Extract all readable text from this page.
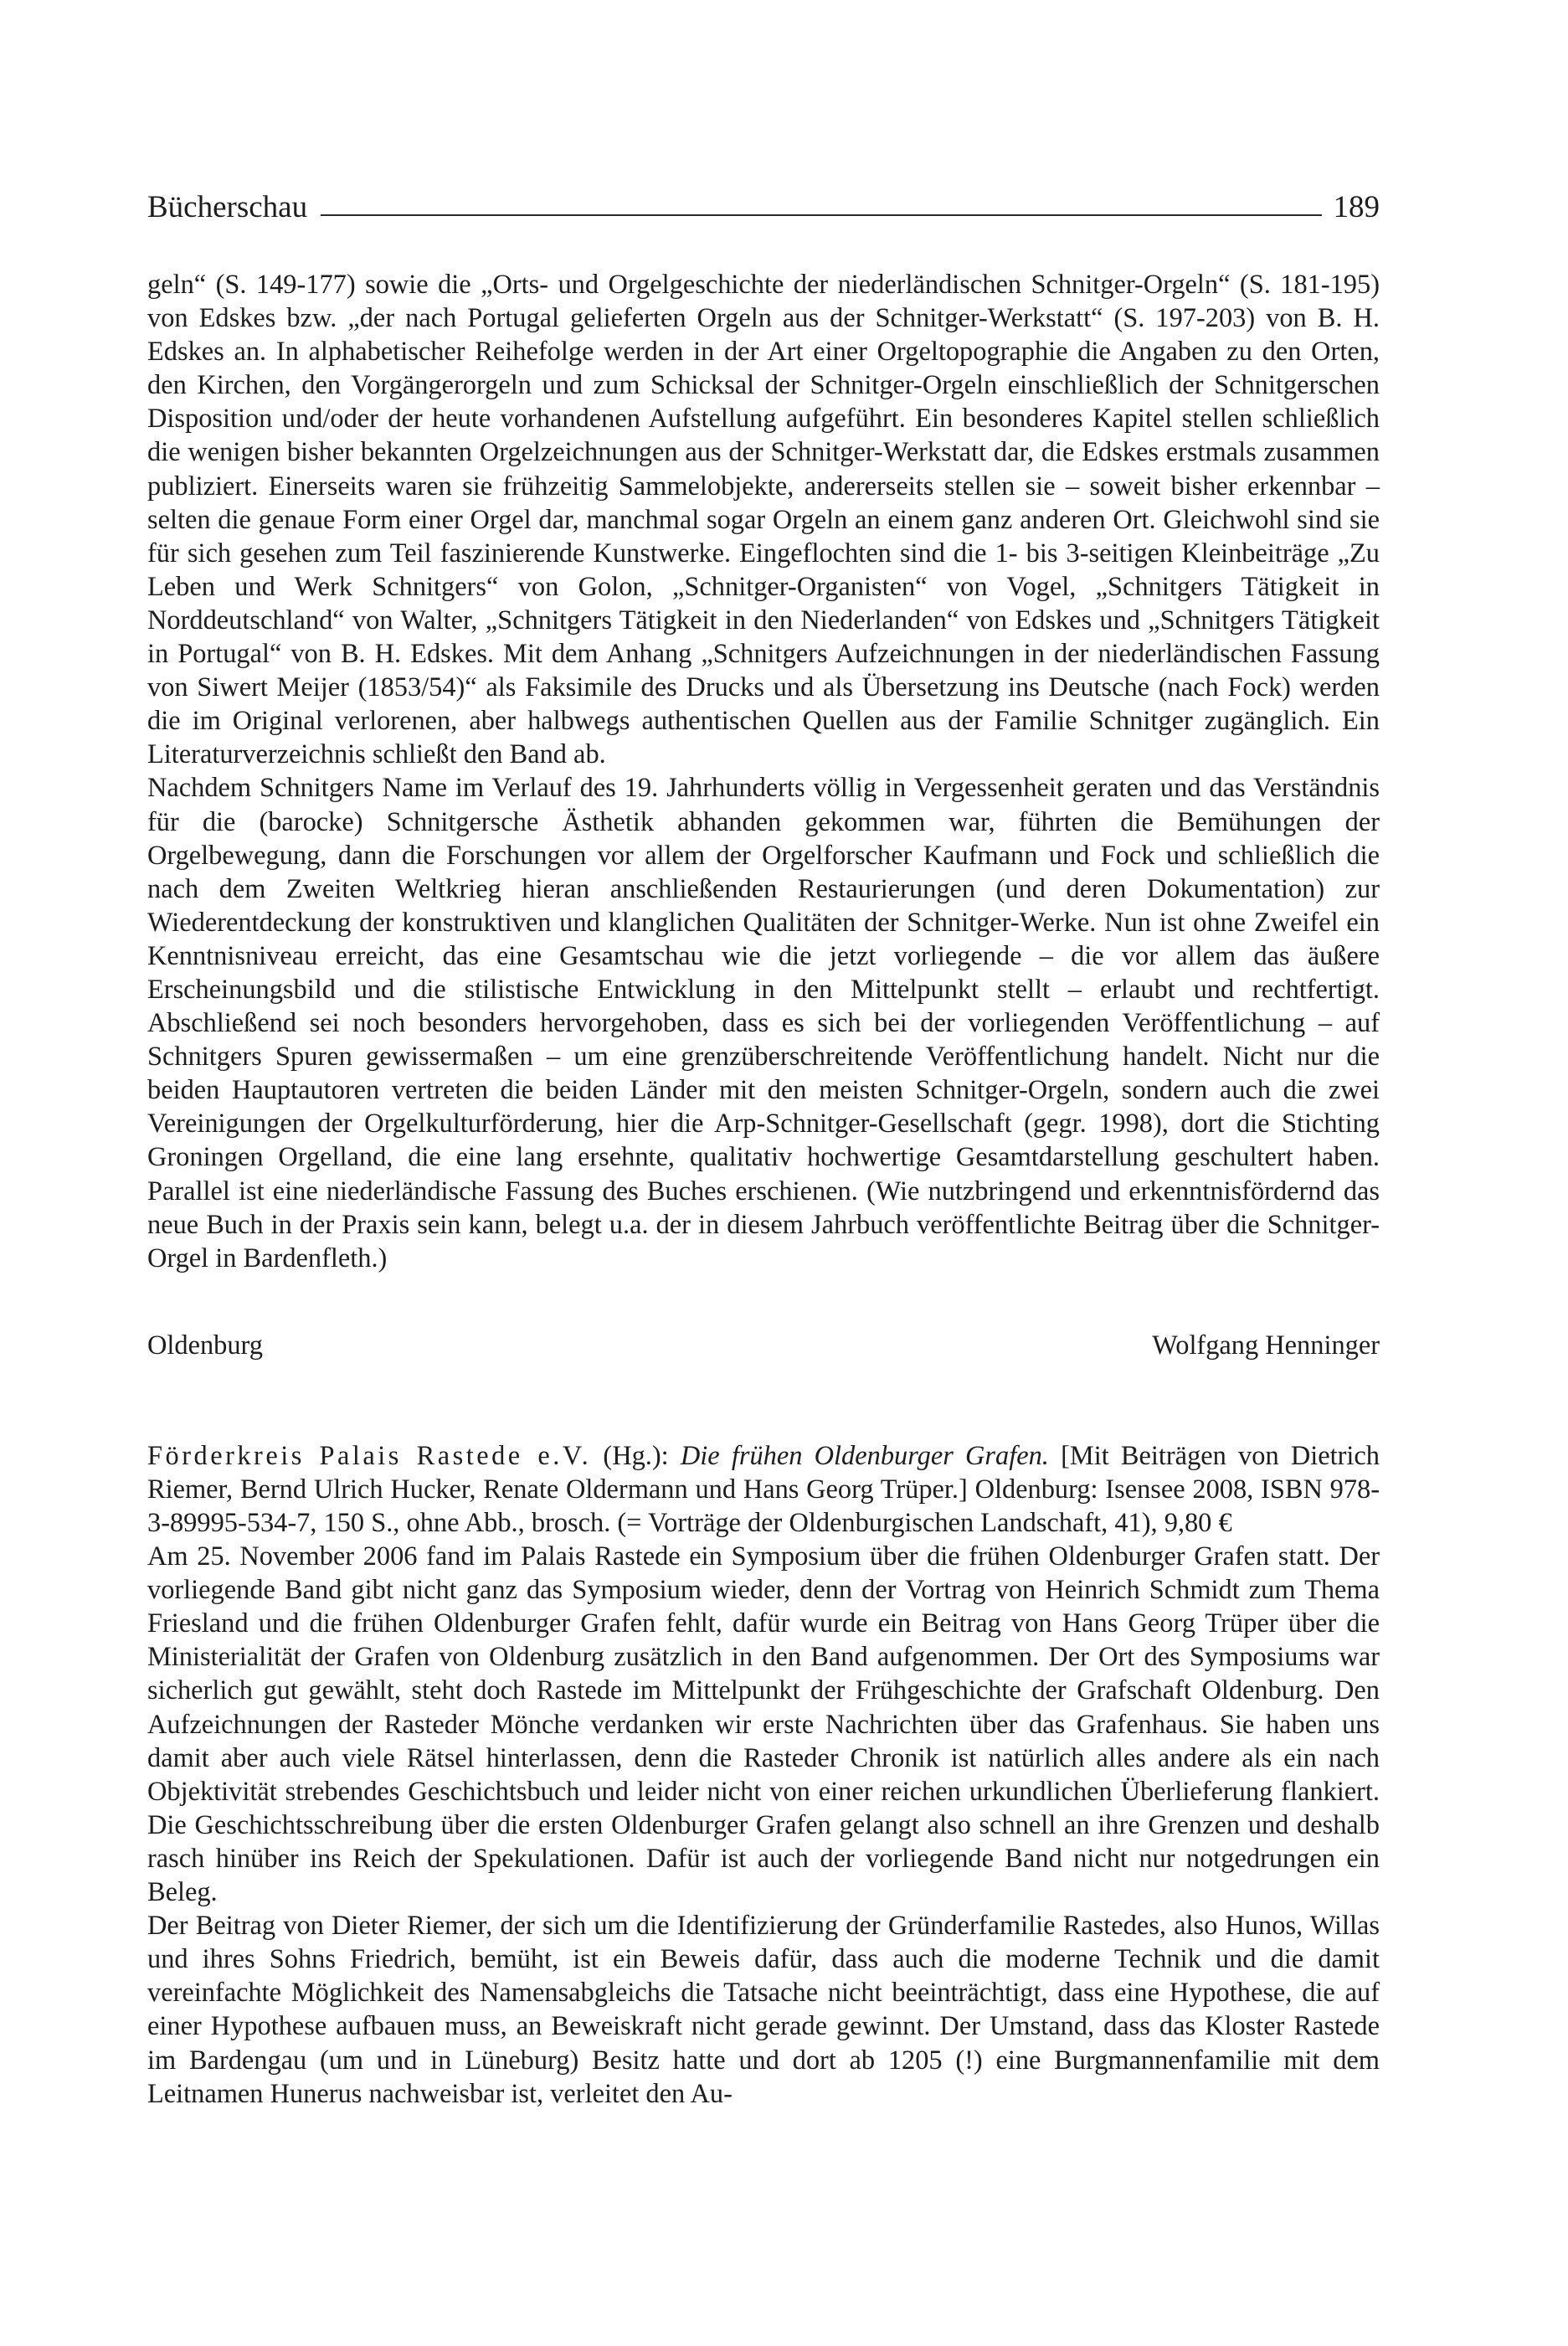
Bücherschau	189

geln“ (S. 149-177) sowie die „Orts- und Orgelgeschichte der niederländischen Schnitger-Orgeln“ (S. 181-195) von Edskes bzw. „der nach Portugal gelieferten Orgeln aus der Schnitger-Werkstatt“ (S. 197-203) von B. H. Edskes an. In alphabetischer Reihefolge werden in der Art einer Orgeltopographie die Angaben zu den Orten, den Kirchen, den Vorgängerorgeln und zum Schicksal der Schnitger-Orgeln einschließlich der Schnitgerschen Disposition und/oder der heute vorhandenen Aufstellung aufgeführt. Ein besonderes Kapitel stellen schließlich die wenigen bisher bekannten Orgelzeichnungen aus der Schnitger-Werkstatt dar, die Edskes erstmals zusammen publiziert. Einerseits waren sie frühzeitig Sammelobjekte, andererseits stellen sie – soweit bisher erkennbar – selten die genaue Form einer Orgel dar, manchmal sogar Orgeln an einem ganz anderen Ort. Gleichwohl sind sie für sich gesehen zum Teil faszinierende Kunstwerke. Eingeflochten sind die 1- bis 3-seitigen Kleinbeiträge „Zu Leben und Werk Schnitgers“ von Golon, „Schnitger-Organisten“ von Vogel, „Schnitgers Tätigkeit in Norddeutschland“ von Walter, „Schnitgers Tätigkeit in den Niederlanden“ von Edskes und „Schnitgers Tätigkeit in Portugal“ von B. H. Edskes. Mit dem Anhang „Schnitgers Aufzeichnungen in der niederländischen Fassung von Siwert Meijer (1853/54)“ als Faksimile des Drucks und als Übersetzung ins Deutsche (nach Fock) werden die im Original verlorenen, aber halbwegs authentischen Quellen aus der Familie Schnitger zugänglich. Ein Literaturverzeichnis schließt den Band ab.

Nachdem Schnitgers Name im Verlauf des 19. Jahrhunderts völlig in Vergessenheit geraten und das Verständnis für die (barocke) Schnitgersche Ästhetik abhanden gekommen war, führten die Bemühungen der Orgelbewegung, dann die Forschungen vor allem der Orgelforscher Kaufmann und Fock und schließlich die nach dem Zweiten Weltkrieg hieran anschließenden Restaurierungen (und deren Dokumentation) zur Wiederentdeckung der konstruktiven und klanglichen Qualitäten der Schnitger-Werke. Nun ist ohne Zweifel ein Kenntnisniveau erreicht, das eine Gesamtschau wie die jetzt vorliegende – die vor allem das äußere Erscheinungsbild und die stilistische Entwicklung in den Mittelpunkt stellt – erlaubt und rechtfertigt. Abschließend sei noch besonders hervorgehoben, dass es sich bei der vorliegenden Veröffentlichung – auf Schnitgers Spuren gewissermaßen – um eine grenzüberschreitende Veröffentlichung handelt. Nicht nur die beiden Hauptautoren vertreten die beiden Länder mit den meisten Schnitger-Orgeln, sondern auch die zwei Vereinigungen der Orgelkulturförderung, hier die Arp-Schnitger-Gesellschaft (gegr. 1998), dort die Stichting Groningen Orgelland, die eine lang ersehnte, qualitativ hochwertige Gesamtdarstellung geschultert haben. Parallel ist eine niederländische Fassung des Buches erschienen. (Wie nutzbringend und erkenntnisfördernd das neue Buch in der Praxis sein kann, belegt u.a. der in diesem Jahrbuch veröffentlichte Beitrag über die Schnitger-Orgel in Bardenfleth.)

Oldenburg	Wolfgang Henninger

Förderkreis Palais Rastede e.V. (Hg.): Die frühen Oldenburger Grafen. [Mit Beiträgen von Dietrich Riemer, Bernd Ulrich Hucker, Renate Oldermann und Hans Georg Trüper.] Oldenburg: Isensee 2008, ISBN 978-3-89995-534-7, 150 S., ohne Abb., brosch. (= Vorträge der Oldenburgischen Landschaft, 41), 9,80 €

Am 25. November 2006 fand im Palais Rastede ein Symposium über die frühen Oldenburger Grafen statt. Der vorliegende Band gibt nicht ganz das Symposium wieder, denn der Vortrag von Heinrich Schmidt zum Thema Friesland und die frühen Oldenburger Grafen fehlt, dafür wurde ein Beitrag von Hans Georg Trüper über die Ministerialität der Grafen von Oldenburg zusätzlich in den Band aufgenommen. Der Ort des Symposiums war sicherlich gut gewählt, steht doch Rastede im Mittelpunkt der Frühgeschichte der Grafschaft Oldenburg. Den Aufzeichnungen der Rasteder Mönche verdanken wir erste Nachrichten über das Grafenhaus. Sie haben uns damit aber auch viele Rätsel hinterlassen, denn die Rasteder Chronik ist natürlich alles andere als ein nach Objektivität strebendes Geschichtsbuch und leider nicht von einer reichen urkundlichen Überlieferung flankiert. Die Geschichtsschreibung über die ersten Oldenburger Grafen gelangt also schnell an ihre Grenzen und deshalb rasch hinüber ins Reich der Spekulationen. Dafür ist auch der vorliegende Band nicht nur notgedrungen ein Beleg.

Der Beitrag von Dieter Riemer, der sich um die Identifizierung der Gründerfamilie Rastedes, also Hunos, Willas und ihres Sohns Friedrich, bemüht, ist ein Beweis dafür, dass auch die moderne Technik und die damit vereinfachte Möglichkeit des Namensabgleichs die Tatsache nicht beeinträchtigt, dass eine Hypothese, die auf einer Hypothese aufbauen muss, an Beweiskraft nicht gerade gewinnt. Der Umstand, dass das Kloster Rastede im Bardengau (um und in Lüneburg) Besitz hatte und dort ab 1205 (!) eine Burgmannenfamilie mit dem Leitnamen Hunerus nachweisbar ist, verleitet den Au-
